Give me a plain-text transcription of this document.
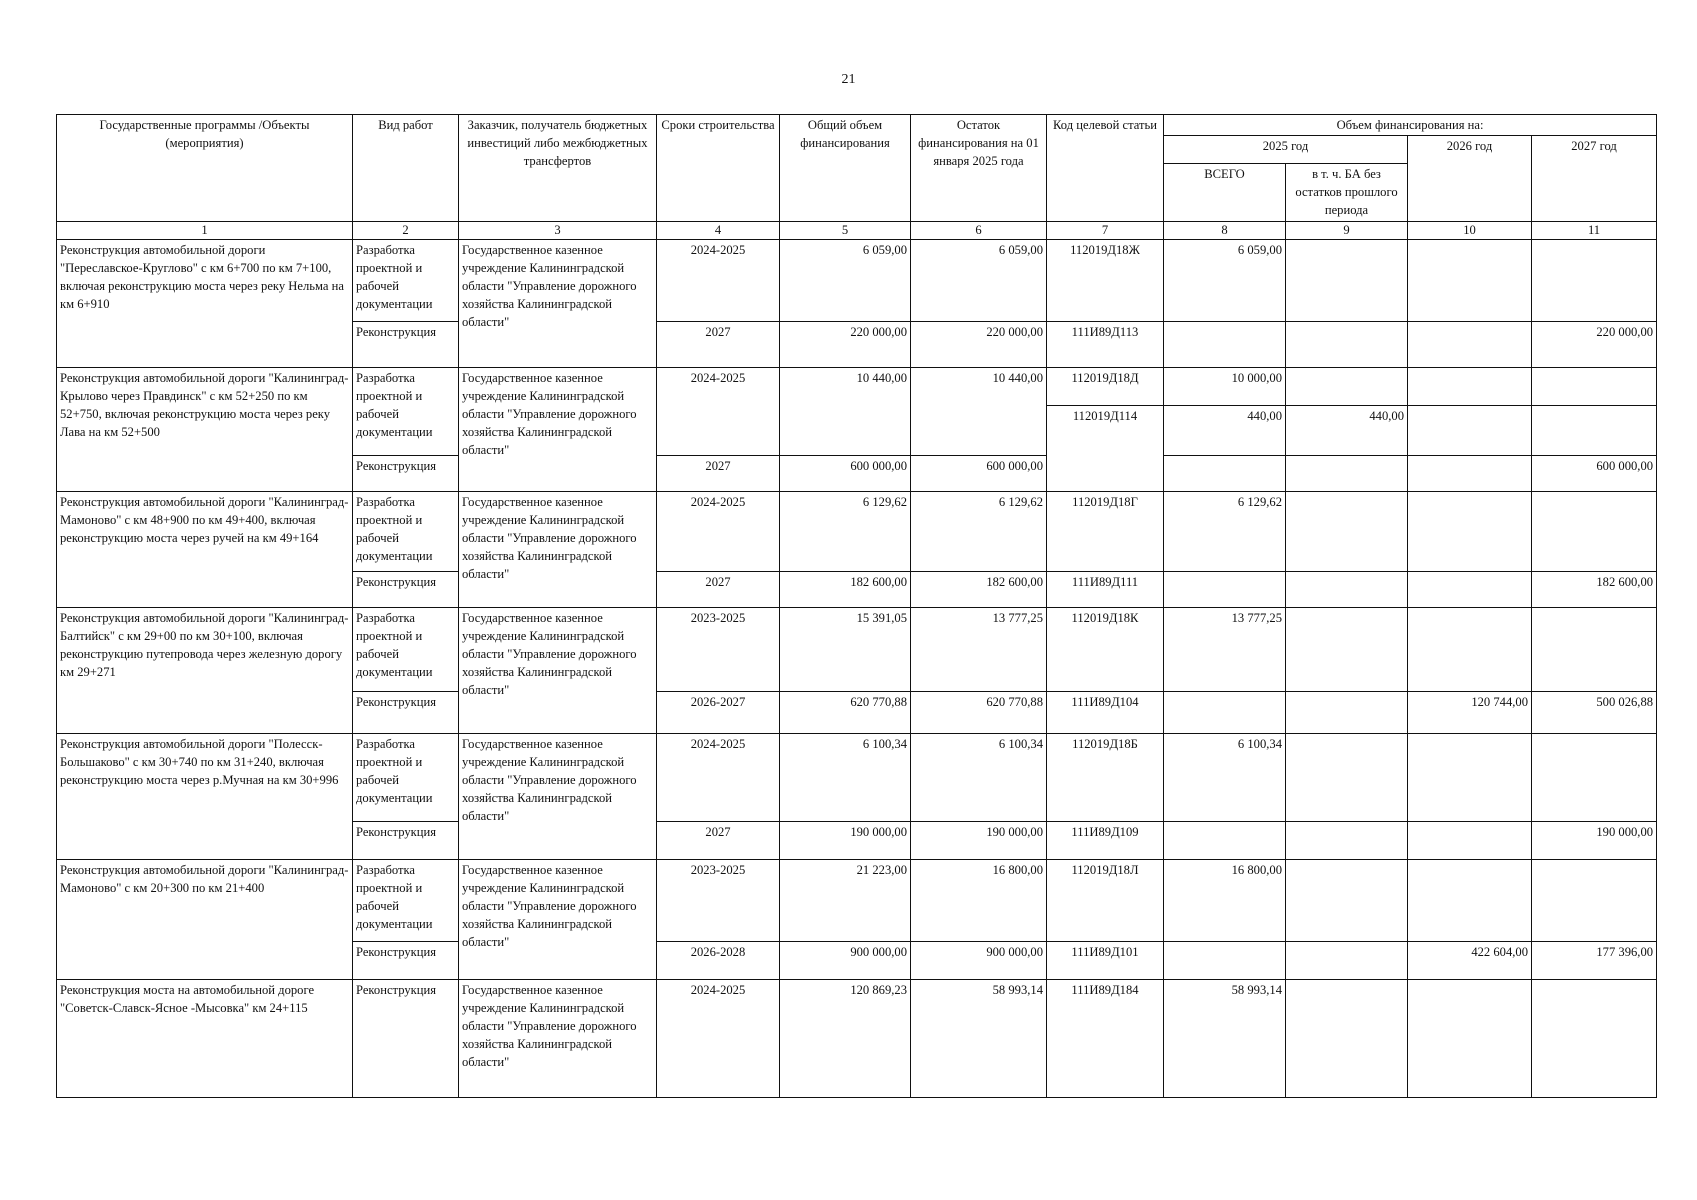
21
Государственные программы /Объекты (мероприятия)	Вид работ	Заказчик, получатель бюджетных инвестиций либо межбюджетных трансфертов	Сроки строительства	Общий объем финансирования	Остаток финансирования на 01 января 2025 года	Код целевой статьи	Объем финансирования на:			
							2025 год		2026 год	2027 год
							ВСЕГО	в т. ч. БА без остатков прошлого периода		
1	2	3	4	5	6	7	8	9	10	11
Реконструкция автомобильной дороги "Переславское-Круглово" с км 6+700 по км 7+100, включая реконструкцию моста через реку Нельма на км 6+910	Разработка проектной и рабочей документации	Государственное казенное учреждение Калининградской области "Управление дорожного хозяйства Калининградской области"	2024-2025	6 059,00	6 059,00	112019Д18Ж	6 059,00			
	Реконструкция		2027	220 000,00	220 000,00	111И89Д113				220 000,00
Реконструкция автомобильной дороги "Калининград-Крылово через Правдинск" с км 52+250 по км 52+750, включая реконструкцию моста через реку Лава на км 52+500	Разработка проектной и рабочей документации	Государственное казенное учреждение Калининградской области "Управление дорожного хозяйства Калининградской области"	2024-2025	10 440,00	10 440,00	112019Д18Д	10 000,00			
						112019Д114	440,00	440,00		
	Реконструкция		2027	600 000,00	600 000,00					600 000,00
Реконструкция автомобильной дороги "Калининград-Мамоново" с км 48+900 по км 49+400, включая реконструкцию моста через ручей на км 49+164	Разработка проектной и рабочей документации	Государственное казенное учреждение Калининградской области "Управление дорожного хозяйства Калининградской области"	2024-2025	6 129,62	6 129,62	112019Д18Г	6 129,62			
	Реконструкция		2027	182 600,00	182 600,00	111И89Д111				182 600,00
Реконструкция автомобильной дороги "Калининград-Балтийск" с км 29+00 по км 30+100, включая реконструкцию путепровода через железную дорогу км 29+271	Разработка проектной и рабочей документации	Государственное казенное учреждение Калининградской области "Управление дорожного хозяйства Калининградской области"	2023-2025	15 391,05	13 777,25	112019Д18К	13 777,25			
	Реконструкция		2026-2027	620 770,88	620 770,88	111И89Д104			120 744,00	500 026,88
Реконструкция автомобильной дороги "Полесск-Большаково" с км 30+740 по км 31+240, включая реконструкцию моста через р.Мучная на км 30+996	Разработка проектной и рабочей документации	Государственное казенное учреждение Калининградской области "Управление дорожного хозяйства Калининградской области"	2024-2025	6 100,34	6 100,34	112019Д18Б	6 100,34			
	Реконструкция		2027	190 000,00	190 000,00	111И89Д109				190 000,00
Реконструкция автомобильной дороги "Калининград-Мамоново" с км 20+300 по км 21+400	Разработка проектной и рабочей документации	Государственное казенное учреждение Калининградской области "Управление дорожного хозяйства Калининградской области"	2023-2025	21 223,00	16 800,00	112019Д18Л	16 800,00			
	Реконструкция		2026-2028	900 000,00	900 000,00	111И89Д101			422 604,00	177 396,00
Реконструкция моста на автомобильной дороге "Советск-Славск-Ясное -Мысовка" км 24+115	Реконструкция	Государственное казенное учреждение Калининградской области "Управление дорожного хозяйства Калининградской области"	2024-2025	120 869,23	58 993,14	111И89Д184	58 993,14			
